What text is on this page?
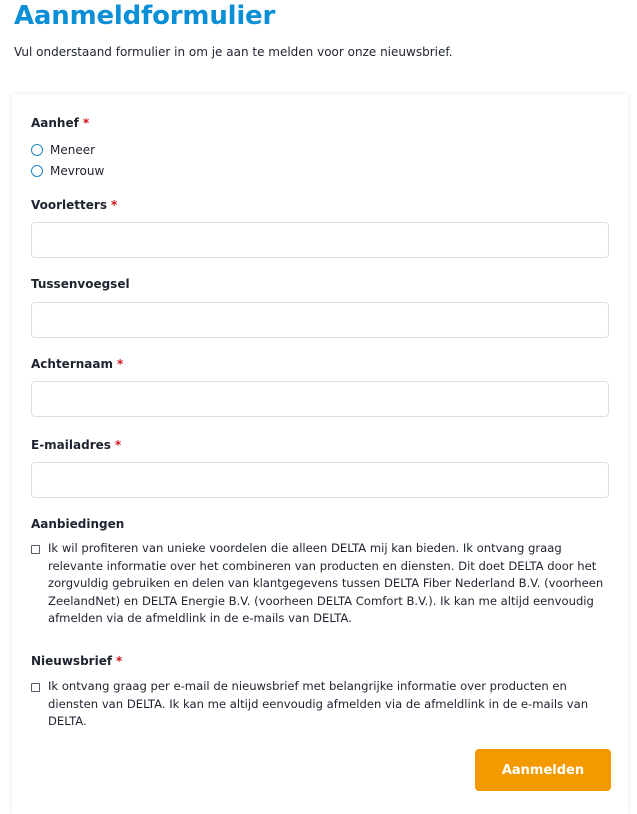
Aanmeldformulier
Vul onderstaand formulier in om je aan te melden voor onze nieuwsbrief.
Aanhef *
Meneer
Mevrouw
Voorletters *
Tussenvoegsel
Achternaam *
E-mailadres *
Aanbiedingen
Ik wil profiteren van unieke voordelen die alleen DELTA mij kan bieden. Ik ontvang graag relevante informatie over het combineren van producten en diensten. Dit doet DELTA door het zorgvuldig gebruiken en delen van klantgegevens tussen DELTA Fiber Nederland B.V. (voorheen ZeelandNet) en DELTA Energie B.V. (voorheen DELTA Comfort B.V.). Ik kan me altijd eenvoudig afmelden via de afmeldlink in de e-mails van DELTA.
Nieuwsbrief *
Ik ontvang graag per e-mail de nieuwsbrief met belangrijke informatie over producten en diensten van DELTA. Ik kan me altijd eenvoudig afmelden via de afmeldlink in de e-mails van DELTA.
Aanmelden
